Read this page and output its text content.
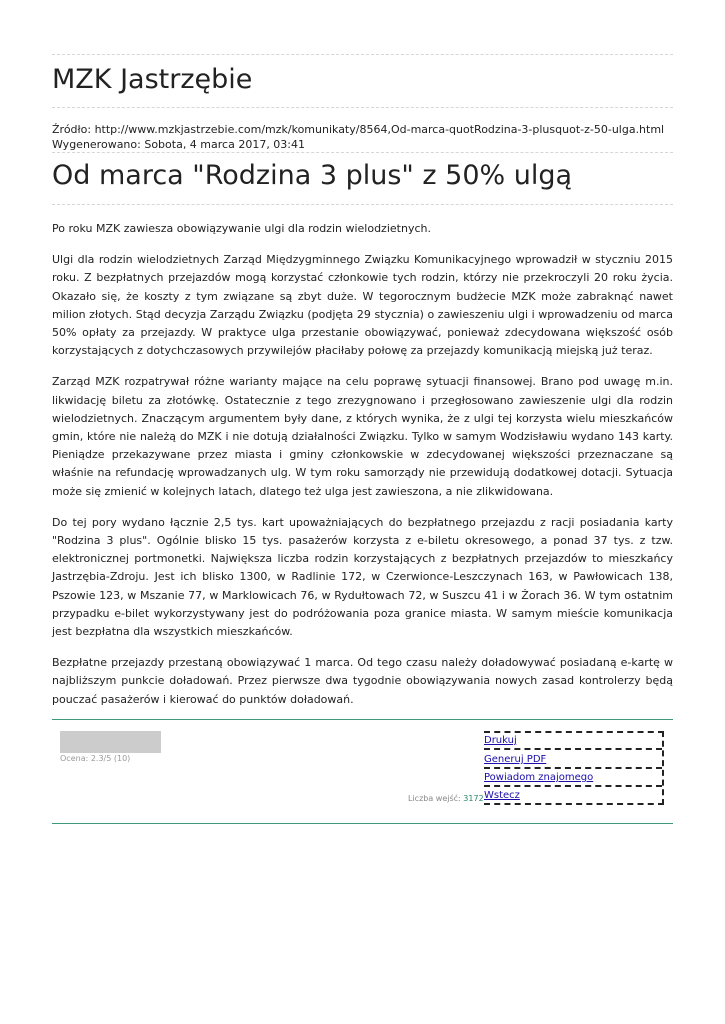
MZK Jastrzębie
Źródło: http://www.mzkjastrzebie.com/mzk/komunikaty/8564,Od-marca-quotRodzina-3-plusquot-z-50-ulga.html
Wygenerowano: Sobota, 4 marca 2017, 03:41
Od marca "Rodzina 3 plus" z 50% ulgą

Po roku MZK zawiesza obowiązywanie ulgi dla rodzin wielodzietnych.

Ulgi dla rodzin wielodzietnych Zarząd Międzygminnego Związku Komunikacyjnego wprowadził w styczniu 2015 roku. Z bezpłatnych przejazdów mogą korzystać członkowie tych rodzin, którzy nie przekroczyli 20 roku życia. Okazało się, że koszty z tym związane są zbyt duże. W tegorocznym budżecie MZK może zabraknąć nawet milion złotych. Stąd decyzja Zarządu Związku (podjęta 29 stycznia) o zawieszeniu ulgi i wprowadzeniu od marca 50% opłaty za przejazdy. W praktyce ulga przestanie obowiązywać, ponieważ zdecydowana większość osób korzystających z dotychczasowych przywilejów płaciłaby połowę za przejazdy komunikacją miejską już teraz.

Zarząd MZK rozpatrywał różne warianty mające na celu poprawę sytuacji finansowej. Brano pod uwagę m.in. likwidację biletu za złotówkę. Ostatecznie z tego zrezygnowano i przegłosowano zawieszenie ulgi dla rodzin wielodzietnych. Znaczącym argumentem były dane, z których wynika, że z ulgi tej korzysta wielu mieszkańców gmin, które nie należą do MZK i nie dotują działalności Związku. Tylko w samym Wodzisławiu wydano 143 karty. Pieniądze przekazywane przez miasta i gminy członkowskie w zdecydowanej większości przeznaczane są właśnie na refundację wprowadzanych ulg. W tym roku samorządy nie przewidują dodatkowej dotacji. Sytuacja może się zmienić w kolejnych latach, dlatego też ulga jest zawieszona, a nie zlikwidowana.

Do tej pory wydano łącznie 2,5 tys. kart upoważniających do bezpłatnego przejazdu z racji posiadania karty "Rodzina 3 plus". Ogólnie blisko 15 tys. pasażerów korzysta z e-biletu okresowego, a ponad 37 tys. z tzw. elektronicznej portmonetki. Największa liczba rodzin korzystających z bezpłatnych przejazdów to mieszkańcy Jastrzębia-Zdroju. Jest ich blisko 1300, w Radlinie 172, w Czerwionce-Leszczynach 163, w Pawłowicach 138, Pszowie 123, w Mszanie 77, w Marklowicach 76, w Rydułtowach 72, w Suszcu 41 i w Żorach 36. W tym ostatnim przypadku e-bilet wykorzystywany jest do podróżowania poza granice miasta. W samym mieście komunikacja jest bezpłatna dla wszystkich mieszkańców.

Bezpłatne przejazdy przestaną obowiązywać 1 marca. Od tego czasu należy doładowywać posiadaną e-kartę w najbliższym punkcie doładowań. Przez pierwsze dwa tygodnie obowiązywania nowych zasad kontrolerzy będą pouczać pasażerów i kierować do punktów doładowań.

Ocena: 2.3/5 (10)
Liczba wejść: 3172
Drukuj
Generuj PDF
Powiadom znajomego
Wstecz
